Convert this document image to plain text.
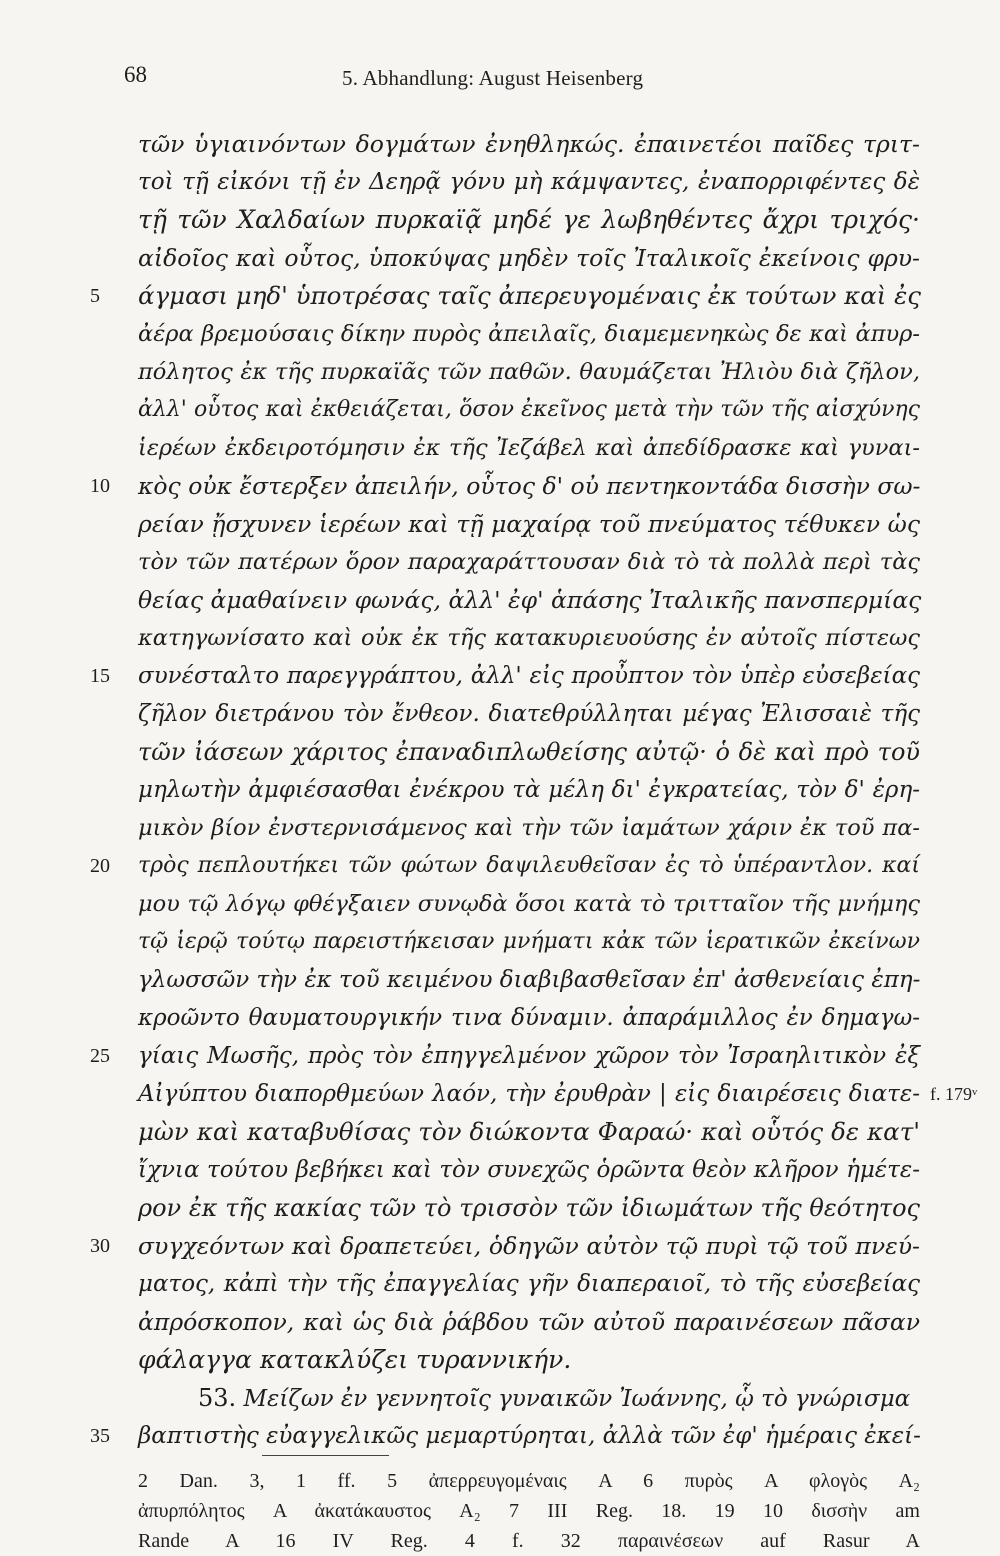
68	5. Abhandlung: August Heisenberg
τῶν ὑγιαινόντων δογμάτων ἐνηθληκώς. ἐπαινετέοι παῖδες τριτ-
τοὶ τῇ εἰκόνι τῇ ἐν Δεηρᾷ γόνυ μὴ κάμψαντες, ἐναπορριφέντες δὲ
τῇ τῶν Χαλδαίων πυρκαϊᾷ μηδέ γε λωβηθέντες ἄχρι τριχός·
αἰδοῖος καὶ οὗτος, ὑποκύψας μηδὲν τοῖς Ἰταλικοῖς ἐκείνοις φρυ-
5	άγμασι μηδ' ὑποτρέσας ταῖς ἀπερευγομέναις ἐκ τούτων καὶ ἐς
ἀέρα βρεμούσαις δίκην πυρὸς ἀπειλαῖς, διαμεμενηκὼς δε καὶ ἀπυρ-
πόλητος ἐκ τῆς πυρκαϊᾶς τῶν παθῶν. θαυμάζεται Ἠλιὸυ διὰ ζῆλον,
ἀλλ' οὗτος καὶ ἐκθειάζεται, ὅσον ἐκεῖνος μετὰ τὴν τῶν τῆς αἰσχύνης
ἱερέων ἐκδειροτόμησιν ἐκ τῆς Ἰεζάβελ καὶ ἀπεδίδρασκε καὶ γυναι-
10	κὸς οὐκ ἔστερξεν ἀπειλήν, οὗτος δ' οὐ πεντηκοντάδα δισσὴν σω-
ρείαν ᾔσχυνεν ἱερέων καὶ τῇ μαχαίρᾳ τοῦ πνεύματος τέθυκεν ὡς
τὸν τῶν πατέρων ὅρον παραχαράττουσαν διὰ τὸ τὰ πολλὰ περὶ τὰς
θείας ἀμαθαίνειν φωνάς, ἀλλ' ἐφ' ἁπάσης Ἰταλικῆς πανσπερμίας
κατηγωνίσατο καὶ οὐκ ἐκ τῆς κατακυριευούσης ἐν αὐτοῖς πίστεως
15	συνέσταλτο παρεγγράπτου, ἀλλ' εἰς προὖπτον τὸν ὑπὲρ εὐσεβείας
ζῆλον διετράνου τὸν ἔνθεον. διατεθρύλληται μέγας Ἐλισσαιὲ τῆς
τῶν ἰάσεων χάριτος ἐπαναδιπλωθείσης αὐτῷ· ὁ δὲ καὶ πρὸ τοῦ
μηλωτὴν ἀμφιέσασθαι ἐνέκρου τὰ μέλη δι' ἐγκρατείας, τὸν δ' ἐρη-
μικὸν βίον ἐνστερνισάμενος καὶ τὴν τῶν ἰαμάτων χάριν ἐκ τοῦ πα-
20	τρὸς πεπλουτήκει τῶν φώτων δαψιλευθεῖσαν ἐς τὸ ὑπέραντλον. καί
μου τῷ λόγῳ φθέγξαιεν συνῳδὰ ὅσοι κατὰ τὸ τριτταῖον τῆς μνήμης
τῷ ἱερῷ τούτῳ παρειστήκεισαν μνήματι κἀκ τῶν ἱερατικῶν ἐκείνων
γλωσσῶν τὴν ἐκ τοῦ κειμένου διαβιβασθεῖσαν ἐπ' ἀσθενείαις ἐπη-
κροῶντο θαυματουργικήν τινα δύναμιν. ἀπαράμιλλος ἐν δημαγω-
25	γίαις Μωσῆς, πρὸς τὸν ἐπηγγελμένον χῶρον τὸν Ἰσραηλιτικὸν ἐξ
Αἰγύπτου διαπορθμεύων λαόν, τὴν ἐρυθρὰν | εἰς διαιρέσεις διατε- f. 179ᵛ
μὼν καὶ καταβυθίσας τὸν διώκοντα Φαραώ· καὶ οὗτός δε κατ'
ἴχνια τούτου βεβήκει καὶ τὸν συνεχῶς ὁρῶντα θεὸν κλῆρον ἡμέτε-
ρον ἐκ τῆς κακίας τῶν τὸ τρισσὸν τῶν ἰδιωμάτων τῆς θεότητος
30	συγχεόντων καὶ δραπετεύει, ὁδηγῶν αὐτὸν τῷ πυρὶ τῷ τοῦ πνεύ-
ματος, κἀπὶ τὴν τῆς ἐπαγγελίας γῆν διαπεραιοῖ, τὸ τῆς εὐσεβείας
ἀπρόσκοπον, καὶ ὡς διὰ ῥάβδου τῶν αὐτοῦ παραινέσεων πᾶσαν
φάλαγγα κατακλύζει τυραννικήν.
53. Μείζων ἐν γεννητοῖς γυναικῶν Ἰωάννης, ᾧ τὸ γνώρισμα
35	βαπτιστὴς εὐαγγελικῶς μεμαρτύρηται, ἀλλὰ τῶν ἐφ' ἡμέραις ἐκεί-
2 Dan. 3, 1 ff. 5 ἀπερρευγομέναις A 6 πυρὸς A φλογὸς A₂
ἀπυρπόλητος A ἀκατάκαυστος A₂ 7 III Reg. 18. 19 10 δισσὴν am
Rande A 16 IV Reg. 4 f. 32 παραινέσεων auf Rasur A
